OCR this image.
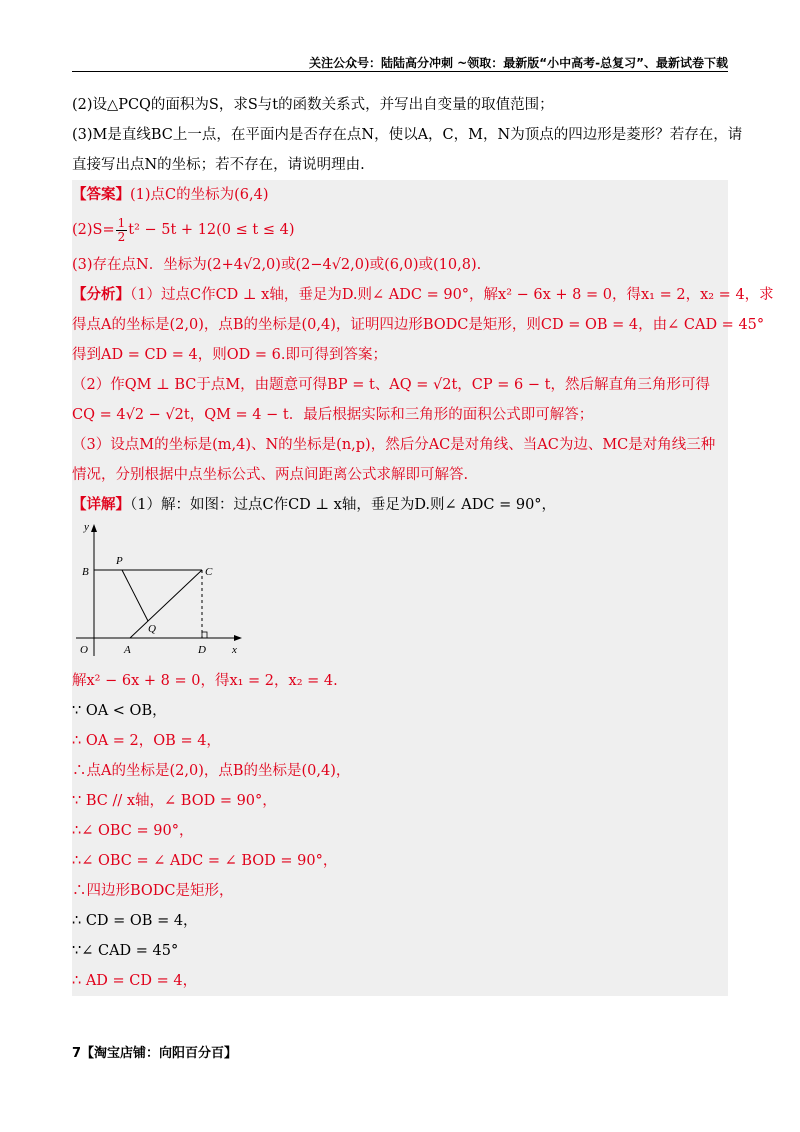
关注公众号：陆陆高分冲刺 ~领取：最新版“小中高考-总复习”、最新试卷下载
(2)设△PCQ的面积为S，求S与t的函数关系式，并写出自变量的取值范围；
(3)M是直线BC上一点，在平面内是否存在点N，使以A，C，M，N为顶点的四边形是菱形？若存在，请
直接写出点N的坐标；若不存在，请说明理由.
【答案】(1)点C的坐标为(6,4)
$(2)S= \frac{1}{2} t^2 - 5t + 12(0 \le t \le 4)$
(3)存在点N．坐标为(2+4√2,0)或(2−4√2,0)或(6,0)或(10,8).
【分析】（1）过点C作CD ⊥ x轴，垂足为D.则∠ ADC = 90°，解x² − 6x + 8 = 0，得x₁ = 2，x₂ = 4，求
得点A的坐标是(2,0)，点B的坐标是(0,4)，证明四边形BODC是矩形，则CD = OB = 4，由∠ CAD = 45°
得到AD = CD = 4，则OD = 6.即可得到答案；
（2）作QM ⊥ BC于点M，由题意可得BP = t、AQ = √2t，CP = 6 − t，然后解直角三角形可得
CQ = 4√2 − √2t，QM = 4 − t．最后根据实际和三角形的面积公式即可解答；
（3）设点M的坐标是(m,4)、N的坐标是(n,p)，然后分AC是对角线、当AC为边、MC是对角线三种
情况，分别根据中点坐标公式、两点间距离公式求解即可解答.
【详解】（1）解：如图：过点C作CD ⊥ x轴，垂足为D.则∠ ADC = 90°，
y
B
P
C
Q
O	A	D x
解x² − 6x + 8 = 0，得x₁ = 2，x₂ = 4.
∵ OA < OB，
∴ OA = 2，OB = 4，
∴点A的坐标是(2,0)，点B的坐标是(0,4)，
∵ BC // x轴，∠ BOD = 90°，
∴∠ OBC = 90°，
∴∠ OBC = ∠ ADC = ∠ BOD = 90°，
∴四边形BODC是矩形，
∴ CD = OB = 4，
∵∠ CAD = 45°
∴ AD = CD = 4，
7【淘宝店铺：向阳百分百】
